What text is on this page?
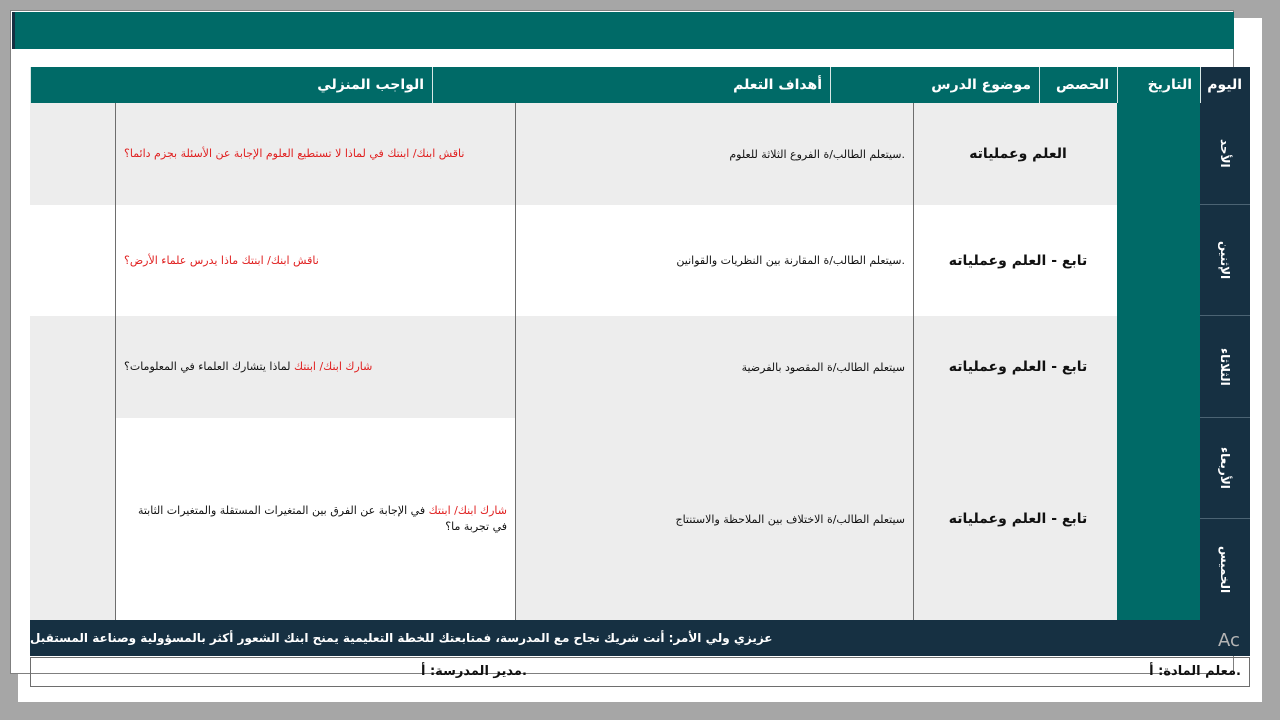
اليوم
التاريخ
الحصص
موضوع الدرس
أهداف التعلم
الواجب المنزلي
العلم وعملياته
سيتعلم الطالب/ة الفروع الثلاثة للعلوم.
ناقش ابنك/ ابنتك في لماذا لا تستطيع العلوم الإجابة عن الأسئلة بجزم دائما؟
تابع - العلم وعملياته
سيتعلم الطالب/ة المقارنة بين النظريات والقوانين.
ناقش ابنك/ ابنتك ماذا يدرس علماء الأرض؟
تابع - العلم وعملياته
سيتعلم الطالب/ة المقصود بالفرضية
شارك ابنك/ ابنتك لماذا يتشارك العلماء في المعلومات؟
تابع - العلم وعملياته
سيتعلم الطالب/ة الاختلاف بين الملاحظة والاستنتاج
شارك ابنك/ ابنتك في الإجابة عن الفرق بين المتغيرات المستقلة والمتغيرات الثابتة في تجربة ما؟
الأحد
الإثنين
الثلاثاء
الأربعاء
الخميس
عزيزي ولي الأمر: أنت شريك نجاح مع المدرسة، فمتابعتك للخطة التعليمية يمنح ابنك الشعور أكثر بالمسؤولية وصناعة المستقبل
معلم المادة: أ.
مدير المدرسة: أ.
Ac
